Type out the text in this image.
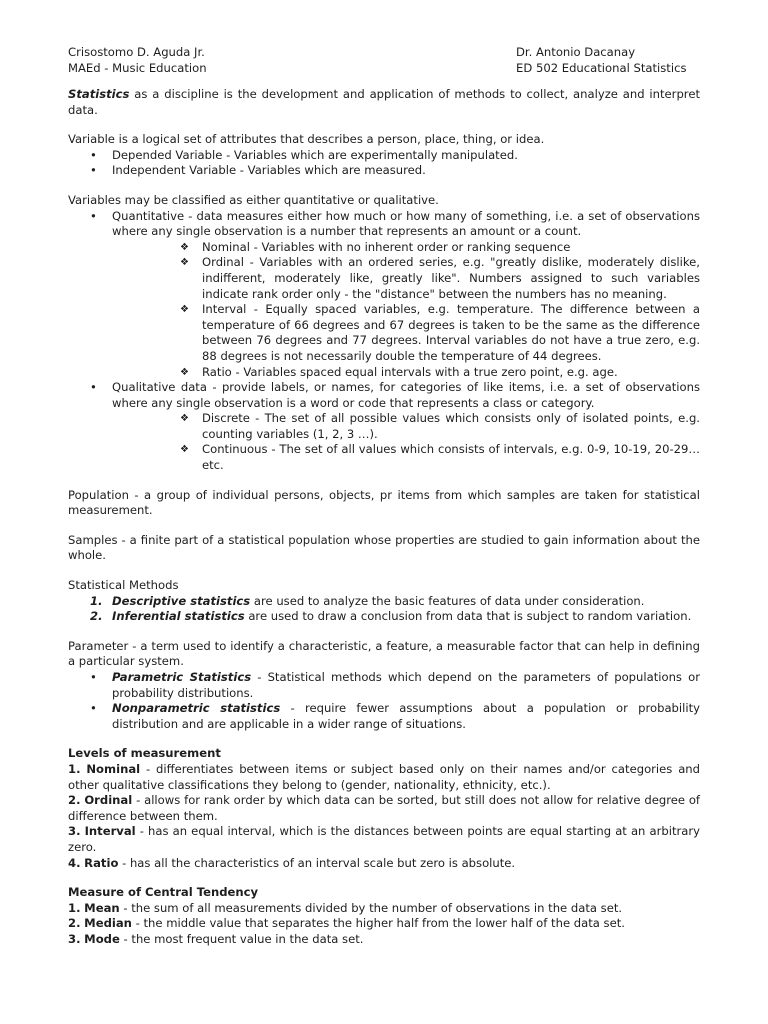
Crisostomo D. Aguda Jr.
MAEd - Music Education
Dr. Antonio Dacanay
ED 502 Educational Statistics

Statistics as a discipline is the development and application of methods to collect, analyze and interpret data.

Variable is a logical set of attributes that describes a person, place, thing, or idea.
• Depended Variable - Variables which are experimentally manipulated.
• Independent Variable - Variables which are measured.
Variables may be classified as either quantitative or qualitative.
• Quantitative - data measures either how much or how many of something, i.e. a set of observations where any single observation is a number that represents an amount or a count.
❖ Nominal - Variables with no inherent order or ranking sequence
❖ Ordinal - Variables with an ordered series, e.g. "greatly dislike, moderately dislike, indifferent, moderately like, greatly like". Numbers assigned to such variables indicate rank order only - the "distance" between the numbers has no meaning.
❖ Interval - Equally spaced variables, e.g. temperature. The difference between a temperature of 66 degrees and 67 degrees is taken to be the same as the difference between 76 degrees and 77 degrees. Interval variables do not have a true zero, e.g. 88 degrees is not necessarily double the temperature of 44 degrees.
❖ Ratio - Variables spaced equal intervals with a true zero point, e.g. age.
• Qualitative data - provide labels, or names, for categories of like items, i.e. a set of observations where any single observation is a word or code that represents a class or category.
❖ Discrete - The set of all possible values which consists only of isolated points, e.g. counting variables (1, 2, 3 …).
❖ Continuous - The set of all values which consists of intervals, e.g. 0-9, 10-19, 20-29… etc.

Population - a group of individual persons, objects, pr items from which samples are taken for statistical measurement.

Samples - a finite part of a statistical population whose properties are studied to gain information about the whole.

Statistical Methods
1. Descriptive statistics are used to analyze the basic features of data under consideration.
2. Inferential statistics are used to draw a conclusion from data that is subject to random variation.
Parameter - a term used to identify a characteristic, a feature, a measurable factor that can help in defining a particular system.
• Parametric Statistics - Statistical methods which depend on the parameters of populations or probability distributions.
• Nonparametric statistics - require fewer assumptions about a population or probability distribution and are applicable in a wider range of situations.
Levels of measurement
1. Nominal - differentiates between items or subject based only on their names and/or categories and other qualitative classifications they belong to (gender, nationality, ethnicity, etc.).
2. Ordinal - allows for rank order by which data can be sorted, but still does not allow for relative degree of difference between them.
3. Interval - has an equal interval, which is the distances between points are equal starting at an arbitrary zero.
4. Ratio - has all the characteristics of an interval scale but zero is absolute.
Measure of Central Tendency
1. Mean - the sum of all measurements divided by the number of observations in the data set.
2. Median - the middle value that separates the higher half from the lower half of the data set.
3. Mode - the most frequent value in the data set.
